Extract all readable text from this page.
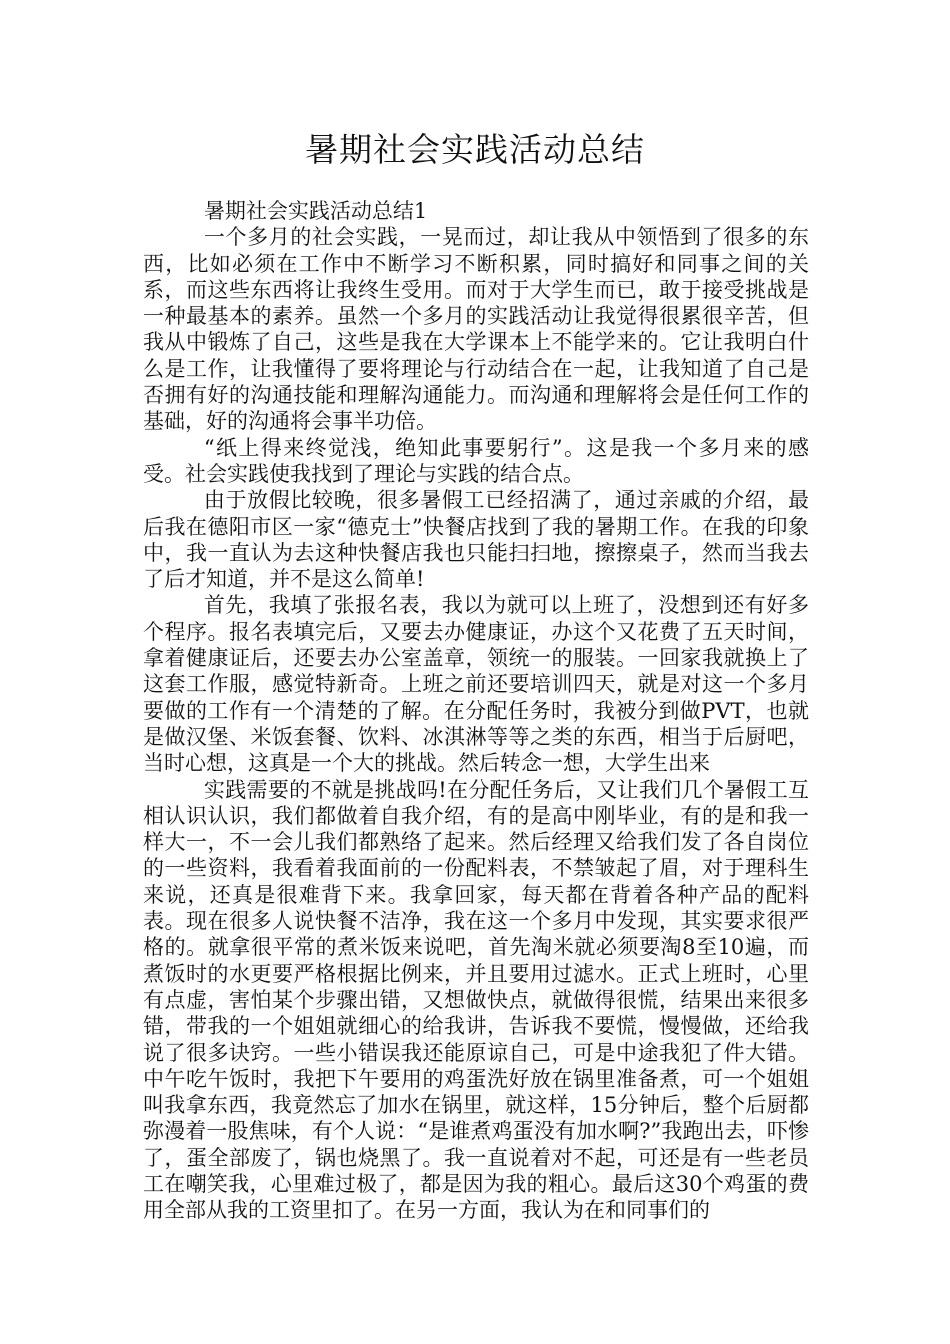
暑期社会实践活动总结

暑期社会实践活动总结1

一个多月的社会实践，一晃而过，却让我从中领悟到了很多的东西，比如必须在工作中不断学习不断积累，同时搞好和同事之间的关系，而这些东西将让我终生受用。而对于大学生而已，敢于接受挑战是一种最基本的素养。虽然一个多月的实践活动让我觉得很累很辛苦，但我从中锻炼了自己，这些是我在大学课本上不能学来的。它让我明白什么是工作，让我懂得了要将理论与行动结合在一起，让我知道了自己是否拥有好的沟通技能和理解沟通能力。而沟通和理解将会是任何工作的基础，好的沟通将会事半功倍。

“纸上得来终觉浅，绝知此事要躬行”。这是我一个多月来的感受。社会实践使我找到了理论与实践的结合点。

由于放假比较晚，很多暑假工已经招满了，通过亲戚的介绍，最后我在德阳市区一家“德克士”快餐店找到了我的暑期工作。在我的印象中，我一直认为去这种快餐店我也只能扫扫地，擦擦桌子，然而当我去了后才知道，并不是这么简单!

首先，我填了张报名表，我以为就可以上班了，没想到还有好多个程序。报名表填完后，又要去办健康证，办这个又花费了五天时间，拿着健康证后，还要去办公室盖章，领统一的服装。一回家我就换上了这套工作服，感觉特新奇。上班之前还要培训四天，就是对这一个多月要做的工作有一个清楚的了解。在分配任务时，我被分到做PVT，也就是做汉堡、米饭套餐、饮料、冰淇淋等等之类的东西，相当于后厨吧，当时心想，这真是一个大的挑战。然后转念一想，大学生出来

实践需要的不就是挑战吗!在分配任务后，又让我们几个暑假工互相认识认识，我们都做着自我介绍，有的是高中刚毕业，有的是和我一样大一，不一会儿我们都熟络了起来。然后经理又给我们发了各自岗位的一些资料，我看着我面前的一份配料表，不禁皱起了眉，对于理科生来说，还真是很难背下来。我拿回家，每天都在背着各种产品的配料表。现在很多人说快餐不洁净，我在这一个多月中发现，其实要求很严格的。就拿很平常的煮米饭来说吧，首先淘米就必须要淘8至10遍，而煮饭时的水更要严格根据比例来，并且要用过滤水。正式上班时，心里有点虚，害怕某个步骤出错，又想做快点，就做得很慌，结果出来很多错，带我的一个姐姐就细心的给我讲，告诉我不要慌，慢慢做，还给我说了很多诀窍。一些小错误我还能原谅自己，可是中途我犯了件大错。中午吃午饭时，我把下午要用的鸡蛋洗好放在锅里准备煮，可一个姐姐叫我拿东西，我竟然忘了加水在锅里，就这样，15分钟后，整个后厨都弥漫着一股焦味，有个人说：“是谁煮鸡蛋没有加水啊?”我跑出去，吓惨了，蛋全部废了，锅也烧黑了。我一直说着对不起，可还是有一些老员工在嘲笑我，心里难过极了，都是因为我的粗心。最后这30个鸡蛋的费用全部从我的工资里扣了。在另一方面，我认为在和同事们的
